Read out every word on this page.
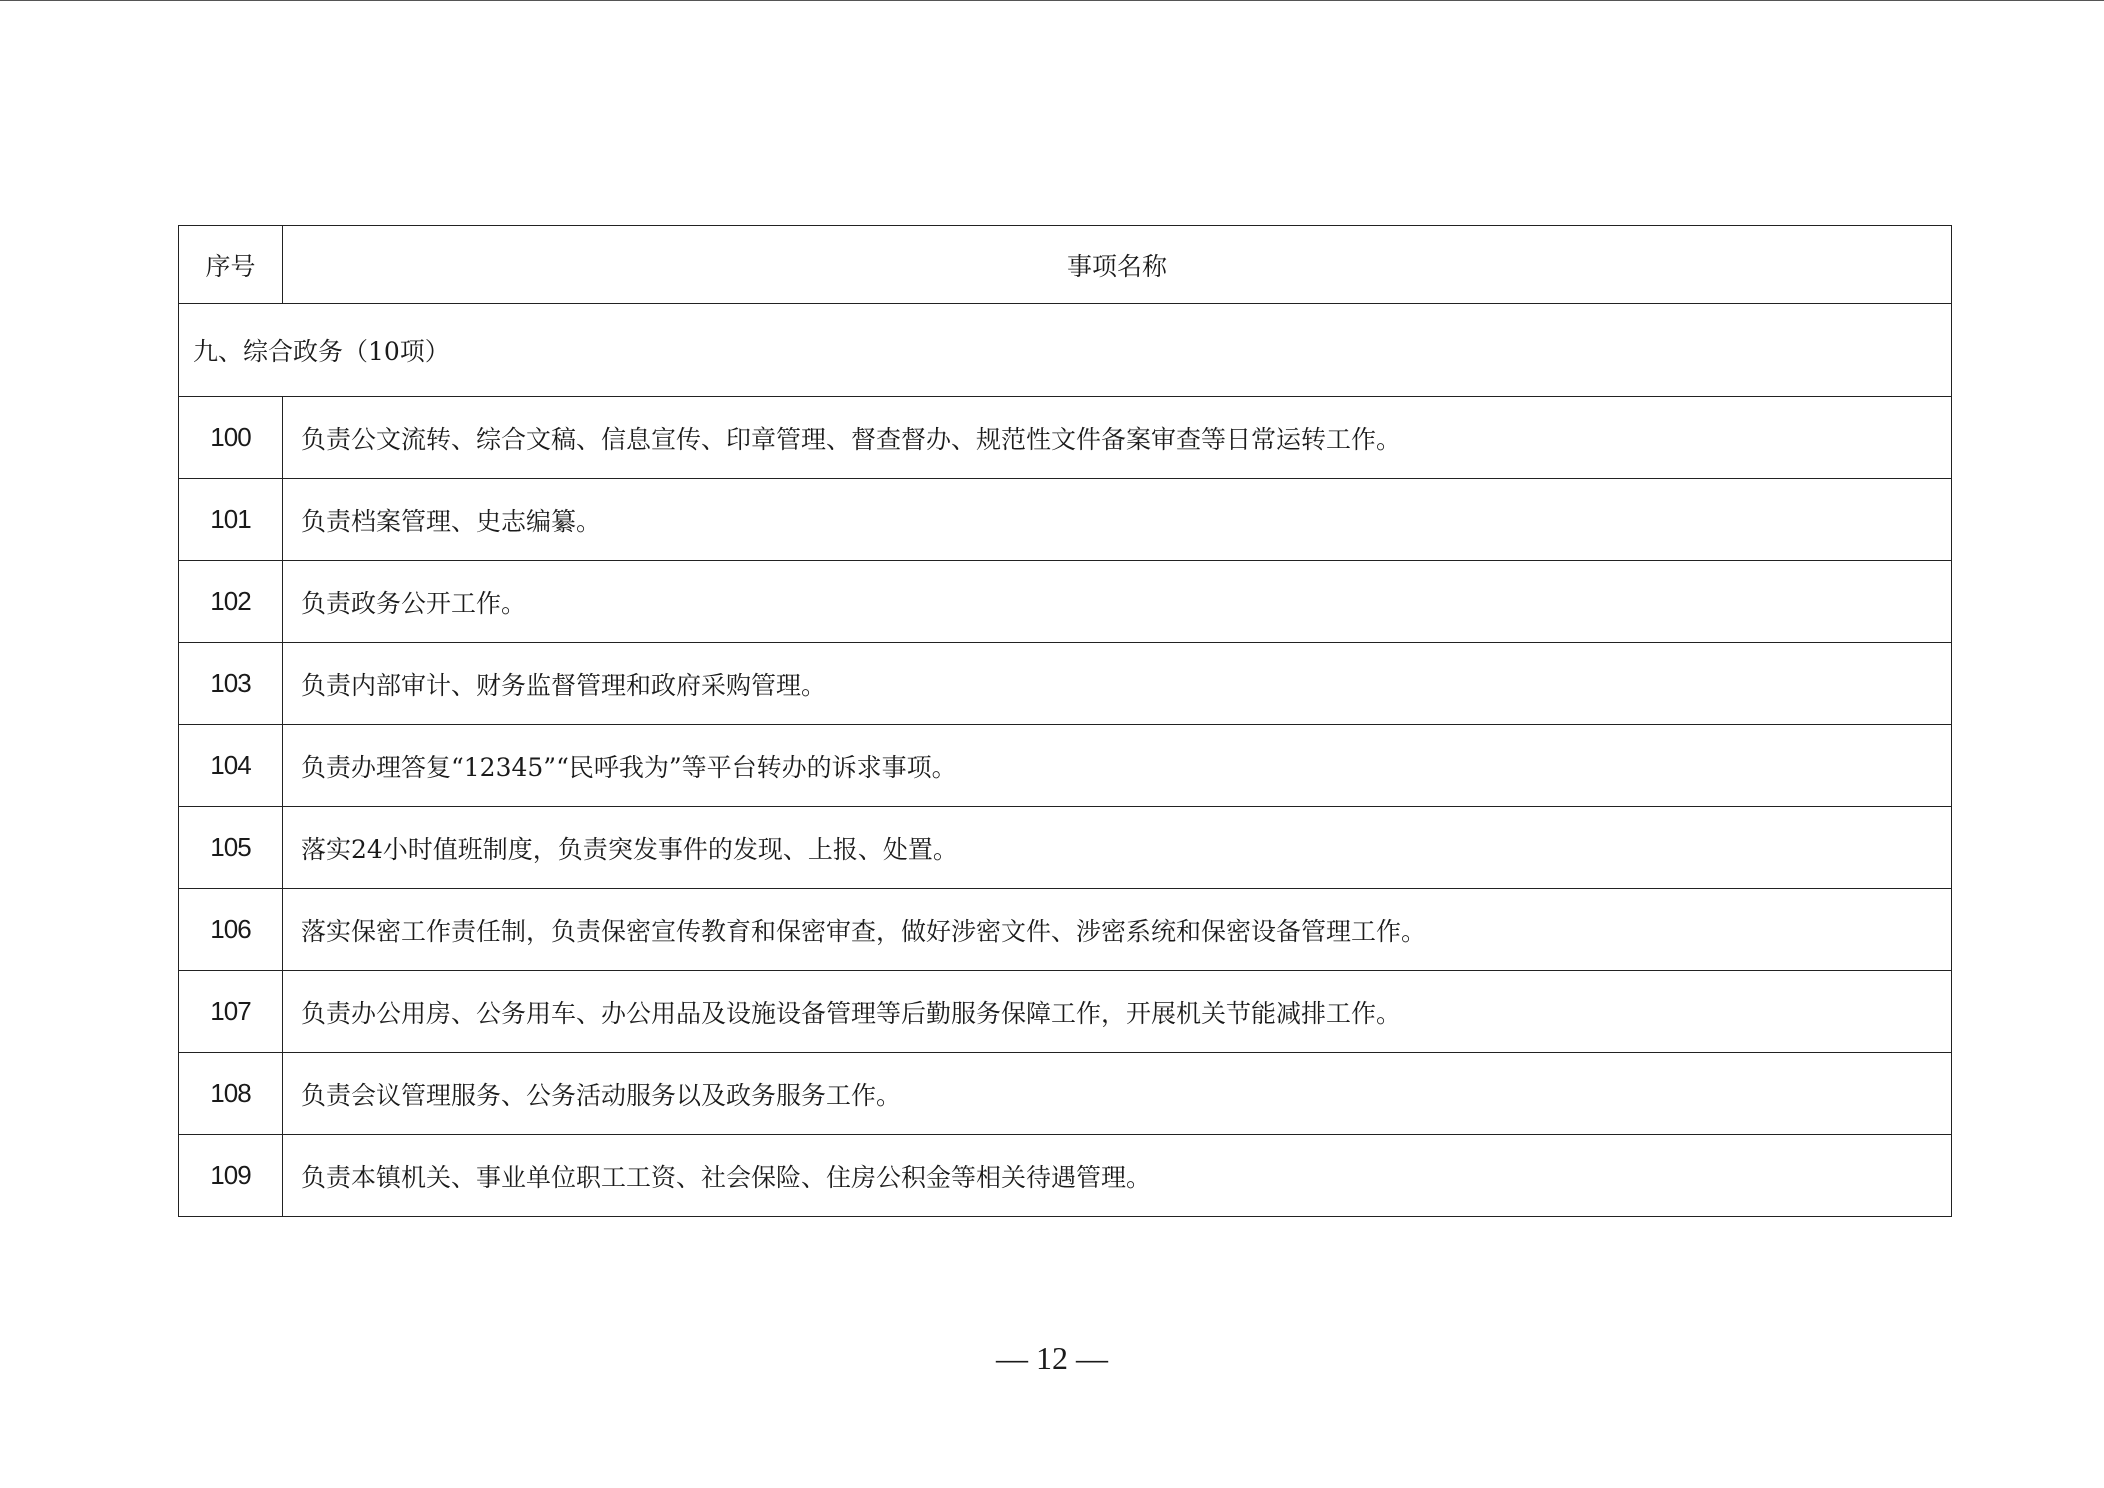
序号	事项名称
九、综合政务（10项）	
100	负责公文流转、综合文稿、信息宣传、印章管理、督查督办、规范性文件备案审查等日常运转工作。
101	负责档案管理、史志编纂。
102	负责政务公开工作。
103	负责内部审计、财务监督管理和政府采购管理。
104	负责办理答复“12345”“民呼我为”等平台转办的诉求事项。
105	落实24小时值班制度，负责突发事件的发现、上报、处置。
106	落实保密工作责任制，负责保密宣传教育和保密审查，做好涉密文件、涉密系统和保密设备管理工作。
107	负责办公用房、公务用车、办公用品及设施设备管理等后勤服务保障工作，开展机关节能减排工作。
108	负责会议管理服务、公务活动服务以及政务服务工作。
109	负责本镇机关、事业单位职工工资、社会保险、住房公积金等相关待遇管理。
— 12 —
